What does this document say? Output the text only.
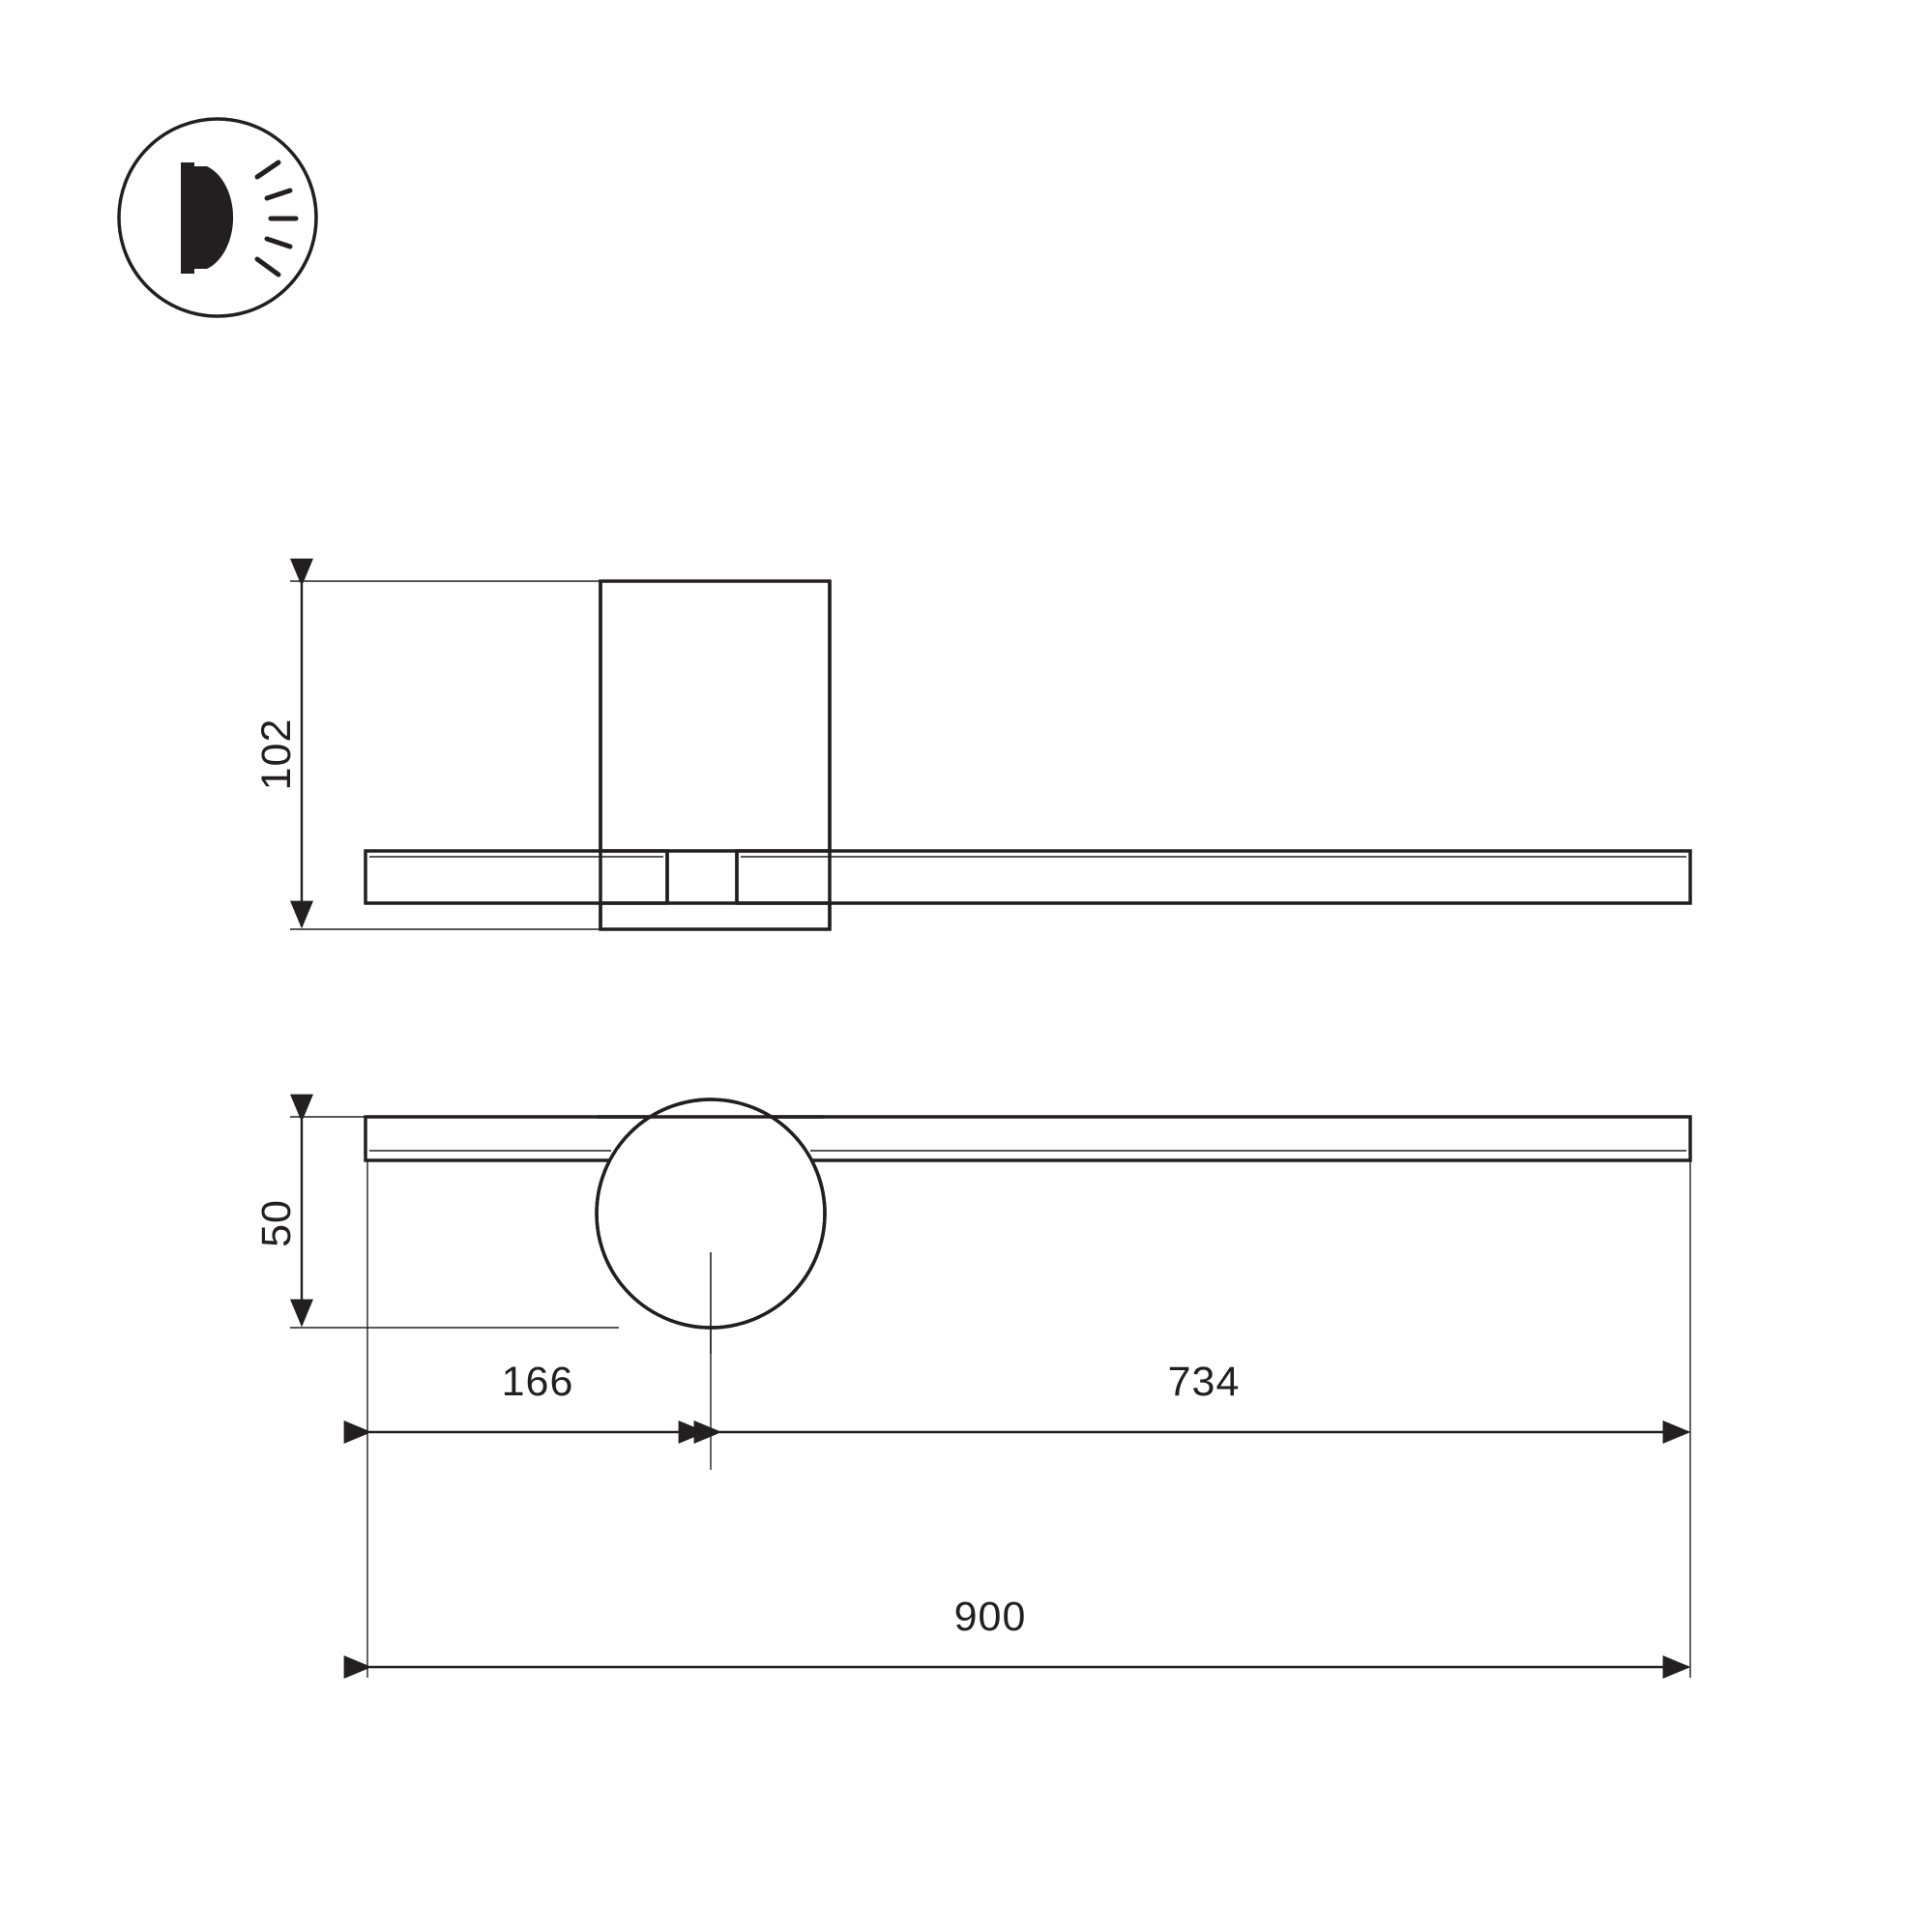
102
50
166	734
900
